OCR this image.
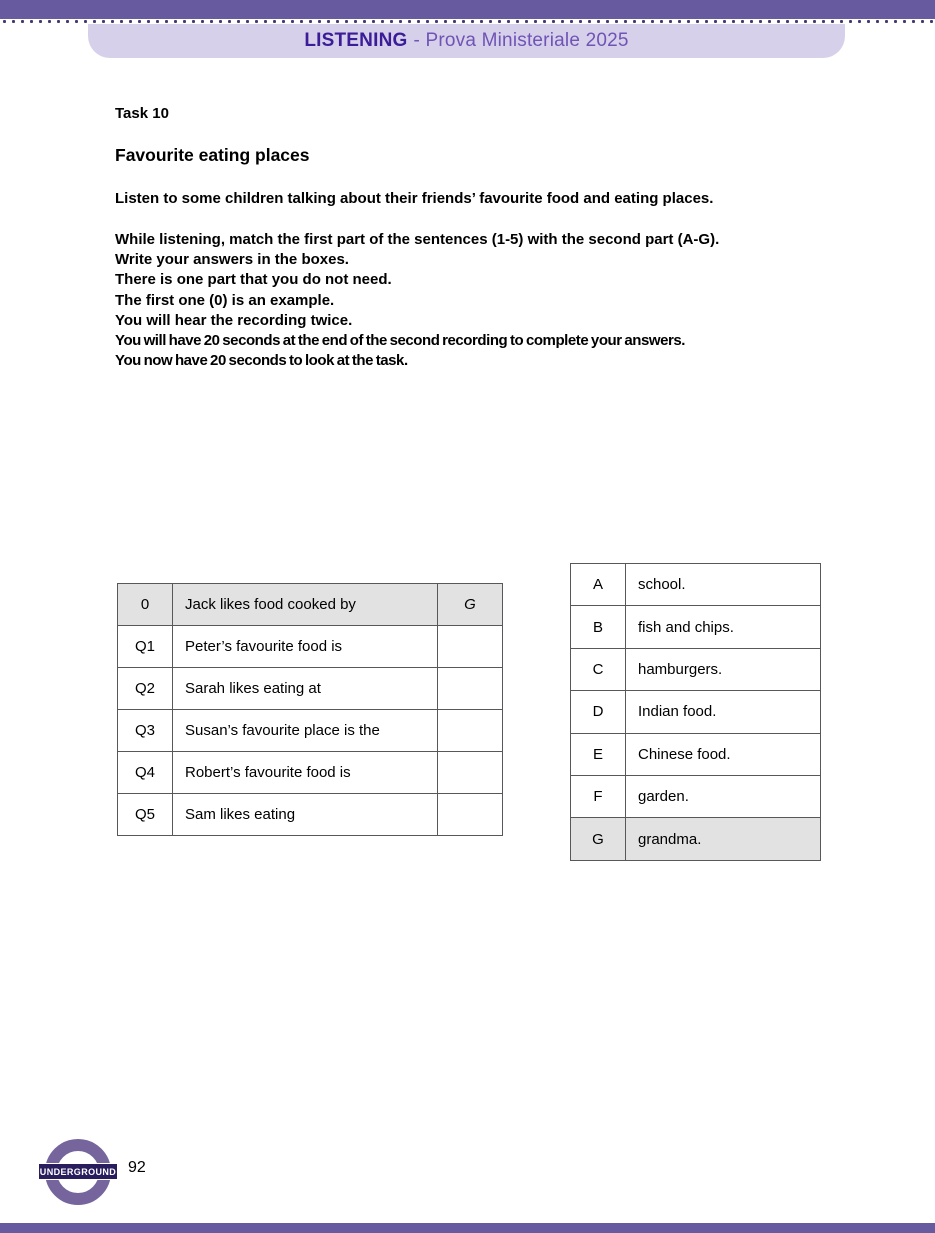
LISTENING - Prova Ministeriale 2025
Task 10
Favourite eating places
Listen to some children talking about their friends’ favourite food and eating places.
While listening, match the first part of the sentences (1-5) with the second part (A-G).
Write your answers in the boxes.
There is one part that you do not need.
The first one (0) is an example.
You will hear the recording twice.
You will have 20 seconds at the end of the second recording to complete your answers.
You now have 20 seconds to look at the task.
0	Jack likes food cooked by	G
Q1	Peter’s favourite food is	
Q2	Sarah likes eating at	
Q3	Susan’s favourite place is the	
Q4	Robert’s favourite food is	
Q5	Sam likes eating	
A	school.
B	fish and chips.
C	hamburgers.
D	Indian food.
E	Chinese food.
F	garden.
G	grandma.
UNDERGROUND 92
